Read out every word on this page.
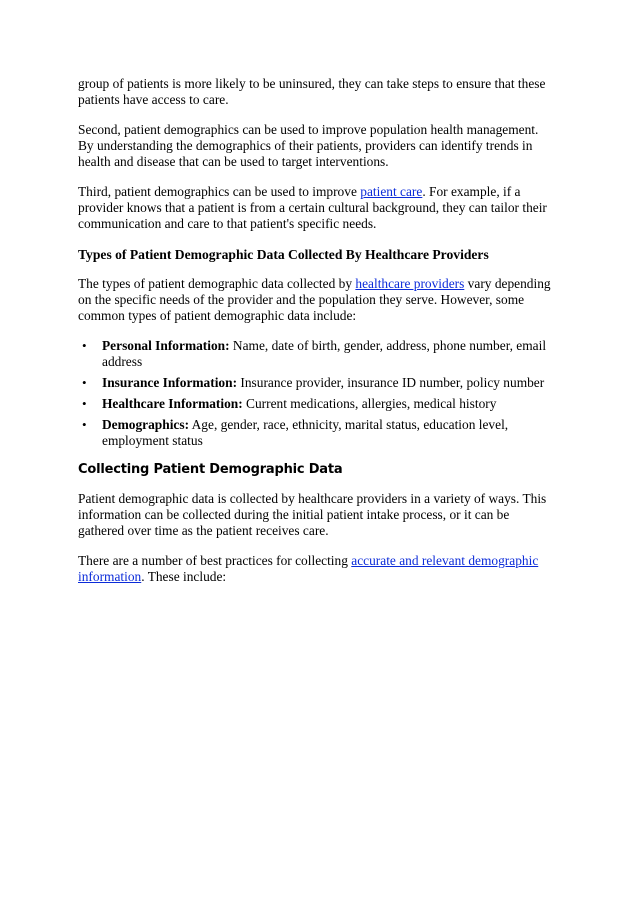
group of patients is more likely to be uninsured, they can take steps to ensure that these patients have access to care.

Second, patient demographics can be used to improve population health management. By understanding the demographics of their patients, providers can identify trends in health and disease that can be used to target interventions.

Third, patient demographics can be used to improve patient care. For example, if a provider knows that a patient is from a certain cultural background, they can tailor their communication and care to that patient's specific needs.

Types of Patient Demographic Data Collected By Healthcare Providers

The types of patient demographic data collected by healthcare providers vary depending on the specific needs of the provider and the population they serve. However, some common types of patient demographic data include:

• Personal Information: Name, date of birth, gender, address, phone number, email address
• Insurance Information: Insurance provider, insurance ID number, policy number
• Healthcare Information: Current medications, allergies, medical history
• Demographics: Age, gender, race, ethnicity, marital status, education level, employment status
Collecting Patient Demographic Data

Patient demographic data is collected by healthcare providers in a variety of ways. This information can be collected during the initial patient intake process, or it can be gathered over time as the patient receives care.

There are a number of best practices for collecting accurate and relevant demographic information. These include:
